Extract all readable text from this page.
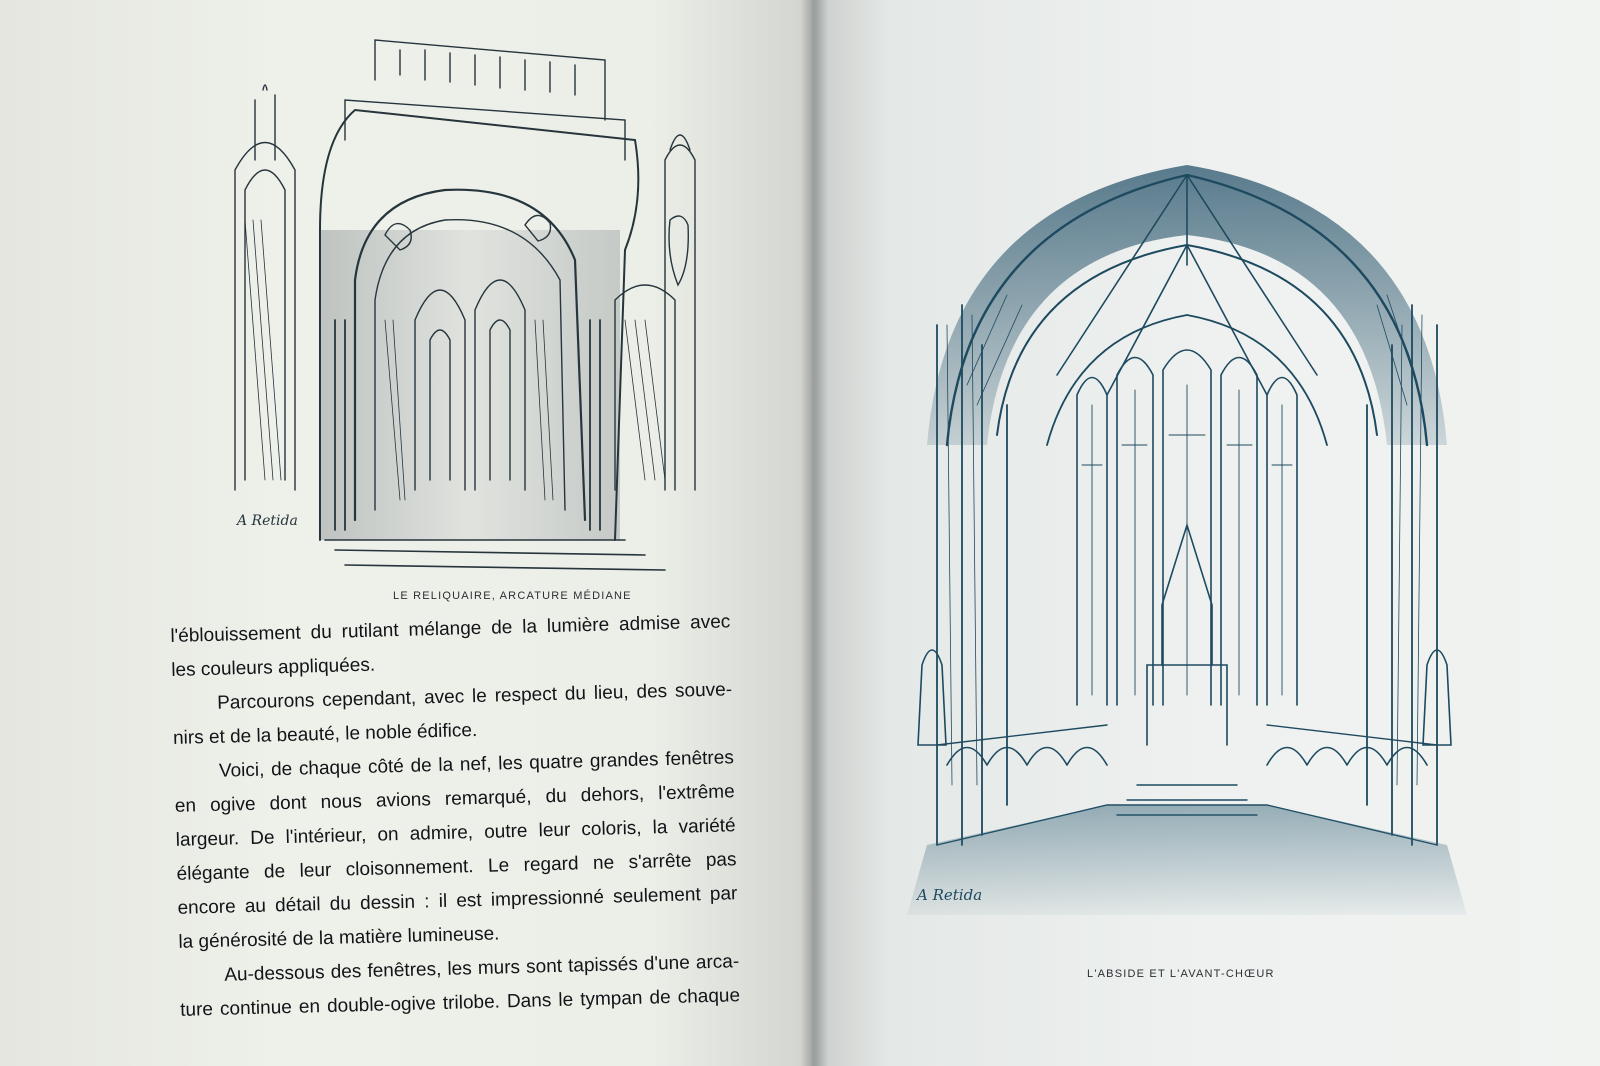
A Retida
LE RELIQUAIRE, ARCATURE MÉDIANE
l'éblouissement du rutilant mélange de la lumière admise avec
les couleurs appliquées.
Parcourons cependant, avec le respect du lieu, des souve-
nirs et de la beauté, le noble édifice.
Voici, de chaque côté de la nef, les quatre grandes fenêtres
en ogive dont nous avions remarqué, du dehors, l'extrême
largeur. De l'intérieur, on admire, outre leur coloris, la variété
élégante de leur cloisonnement. Le regard ne s'arrête pas
encore au détail du dessin : il est impressionné seulement par
la générosité de la matière lumineuse.
Au-dessous des fenêtres, les murs sont tapissés d'une arca-
ture continue en double-ogive trilobe. Dans le tympan de chaque
A Retida
L'ABSIDE ET L'AVANT-CHŒUR
